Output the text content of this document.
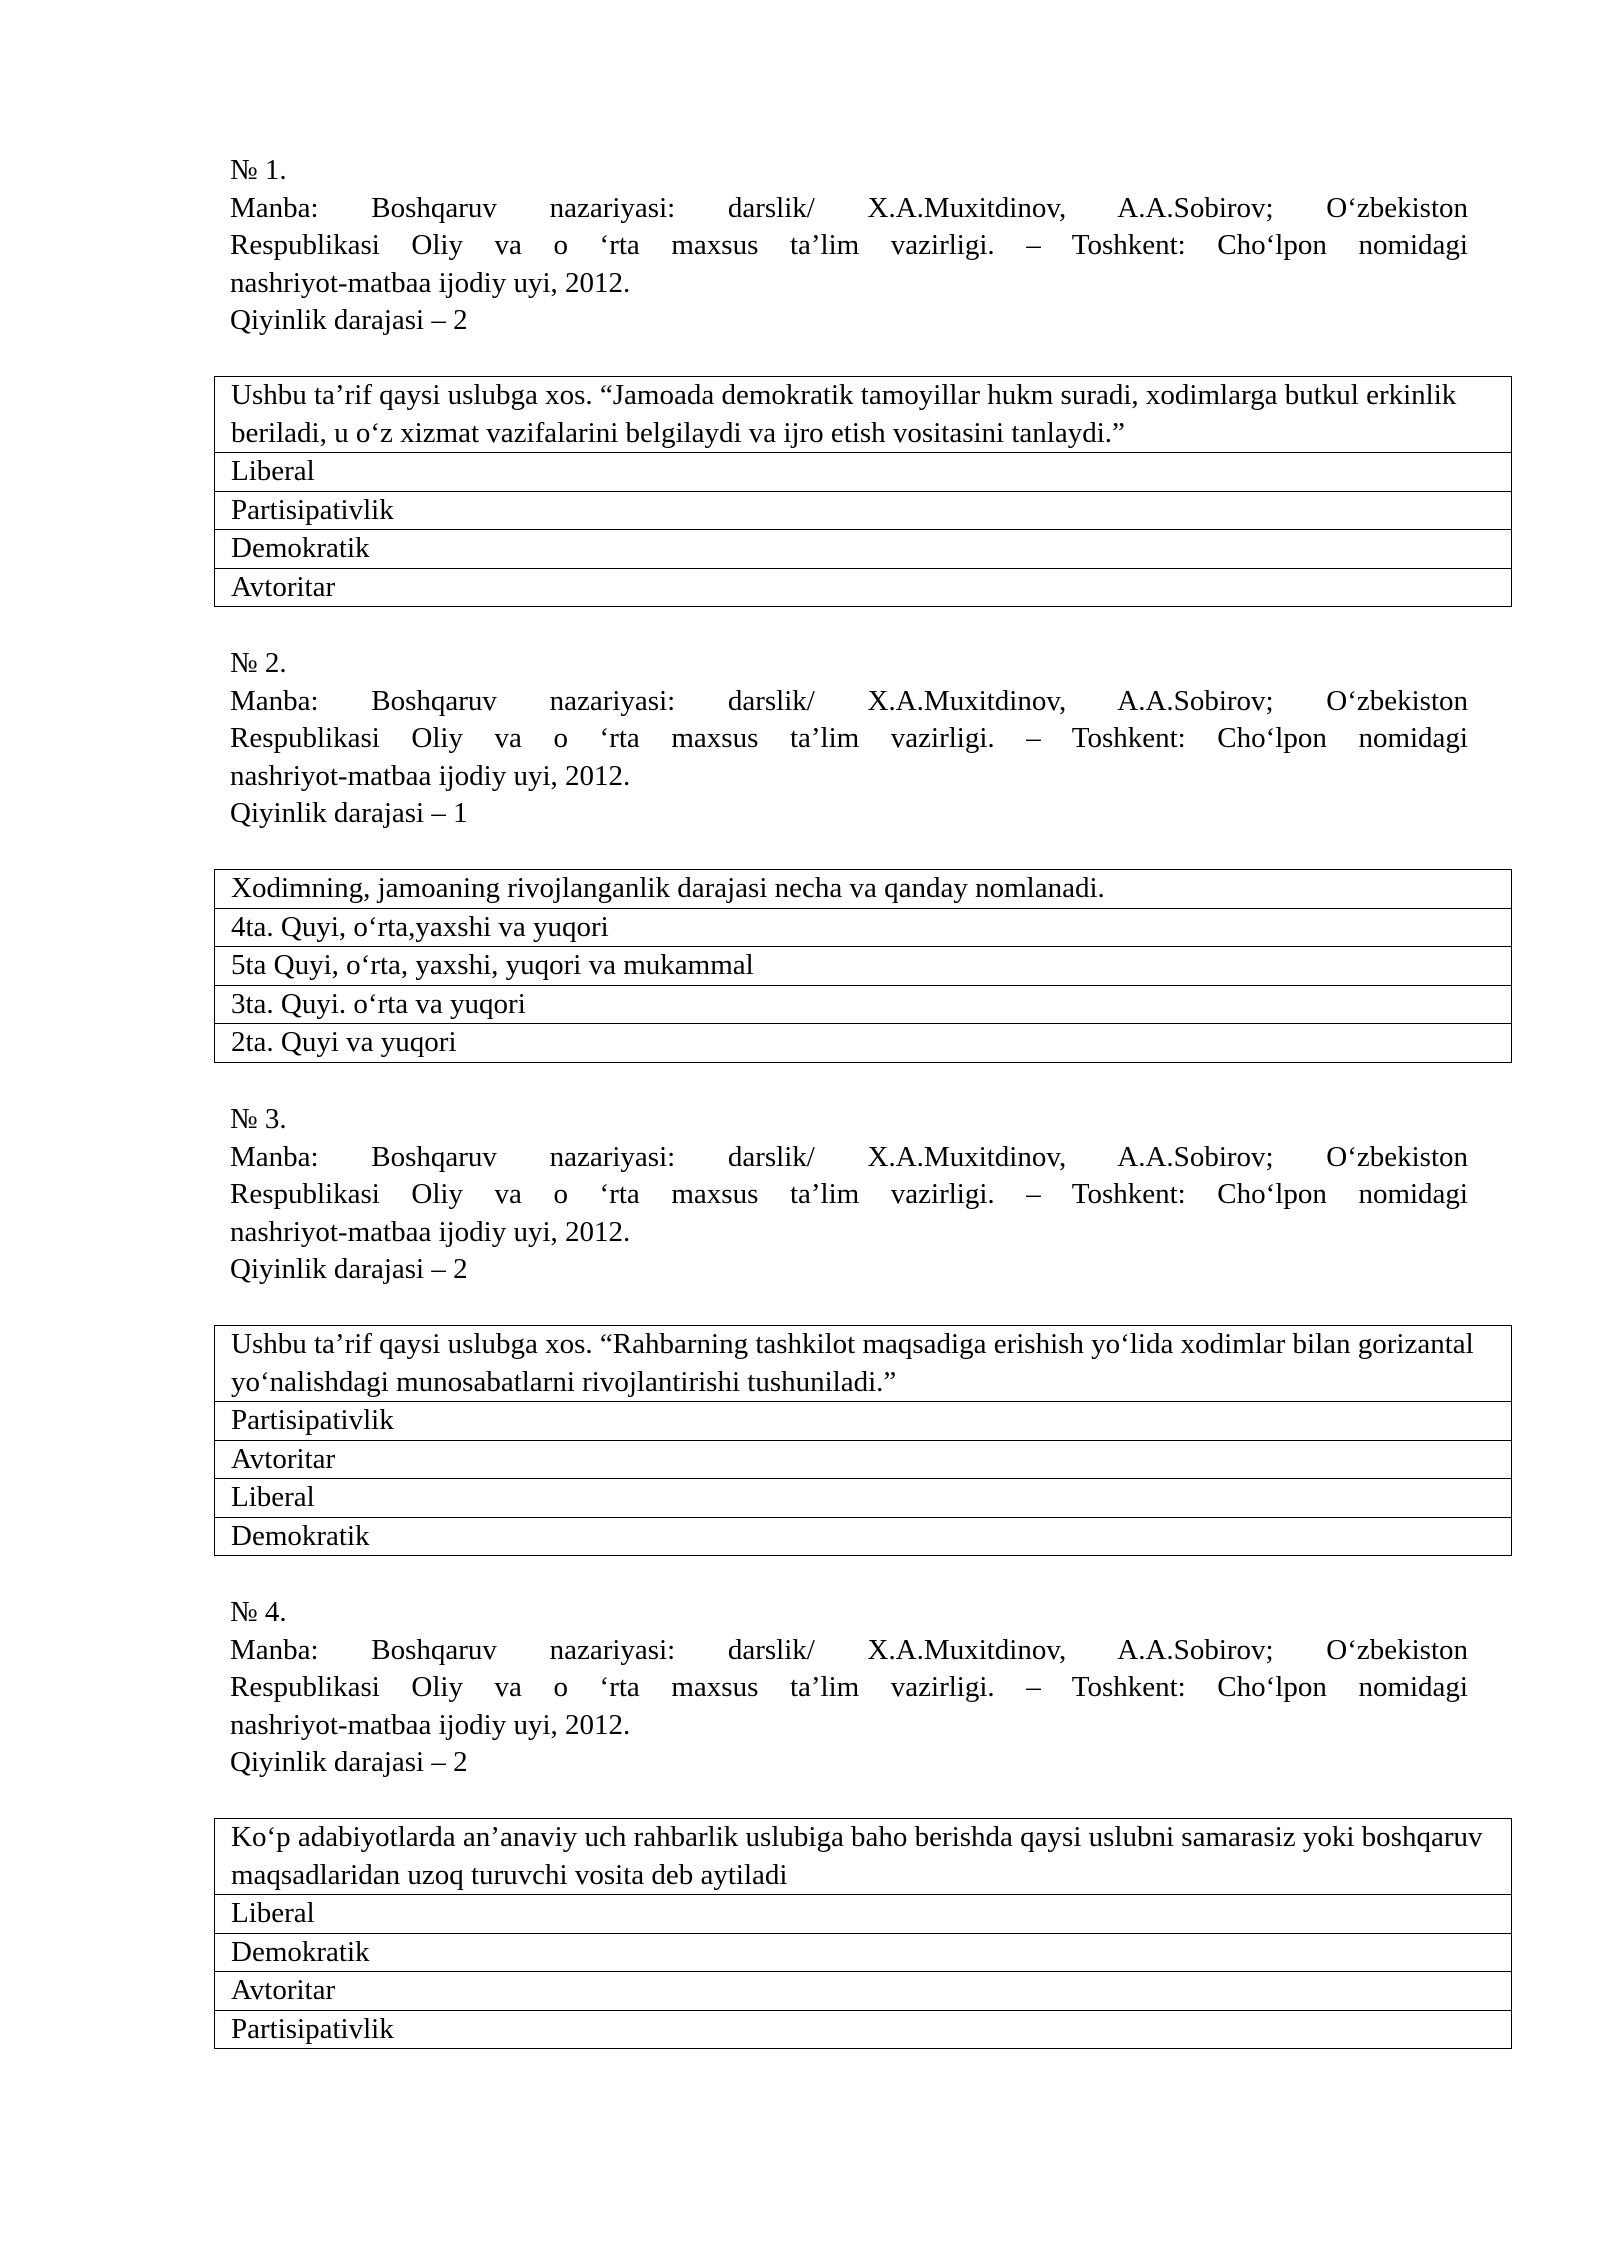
№ 1.
Manba: Boshqaruv nazariyasi: darslik/ X.A.Muxitdinov, A.A.Sobirov; O‘zbekiston
Respublikasi Oliy va o ‘rta maxsus ta’lim vazirligi. – Toshkent: Cho‘lpon nomidagi
nashriyot-matbaa ijodiy uyi, 2012.
Qiyinlik darajasi – 2
Ushbu ta’rif qaysi uslubga xos. “Jamoada demokratik tamoyillar hukm suradi, xodimlarga butkul erkinlik beriladi, u o‘z xizmat vazifalarini belgilaydi va ijro etish vositasini tanlaydi.”
Liberal
Partisipativlik
Demokratik
Avtoritar
№ 2.
Manba: Boshqaruv nazariyasi: darslik/ X.A.Muxitdinov, A.A.Sobirov; O‘zbekiston
Respublikasi Oliy va o ‘rta maxsus ta’lim vazirligi. – Toshkent: Cho‘lpon nomidagi
nashriyot-matbaa ijodiy uyi, 2012.
Qiyinlik darajasi – 1
Xodimning, jamoaning rivojlanganlik darajasi necha va qanday nomlanadi.
4ta. Quyi, o‘rta,yaxshi va yuqori
5ta Quyi, o‘rta, yaxshi, yuqori va mukammal
3ta. Quyi. o‘rta va yuqori
2ta. Quyi va yuqori
№ 3.
Manba: Boshqaruv nazariyasi: darslik/ X.A.Muxitdinov, A.A.Sobirov; O‘zbekiston
Respublikasi Oliy va o ‘rta maxsus ta’lim vazirligi. – Toshkent: Cho‘lpon nomidagi
nashriyot-matbaa ijodiy uyi, 2012.
Qiyinlik darajasi – 2
Ushbu ta’rif qaysi uslubga xos. “Rahbarning tashkilot maqsadiga erishish yo‘lida xodimlar bilan gorizantal yo‘nalishdagi munosabatlarni rivojlantirishi tushuniladi.”
Partisipativlik
Avtoritar
Liberal
Demokratik
№ 4.
Manba: Boshqaruv nazariyasi: darslik/ X.A.Muxitdinov, A.A.Sobirov; O‘zbekiston
Respublikasi Oliy va o ‘rta maxsus ta’lim vazirligi. – Toshkent: Cho‘lpon nomidagi
nashriyot-matbaa ijodiy uyi, 2012.
Qiyinlik darajasi – 2
Ko‘p adabiyotlarda an’anaviy uch rahbarlik uslubiga baho berishda qaysi uslubni samarasiz yoki boshqaruv maqsadlaridan uzoq turuvchi vosita deb aytiladi
Liberal
Demokratik
Avtoritar
Partisipativlik
